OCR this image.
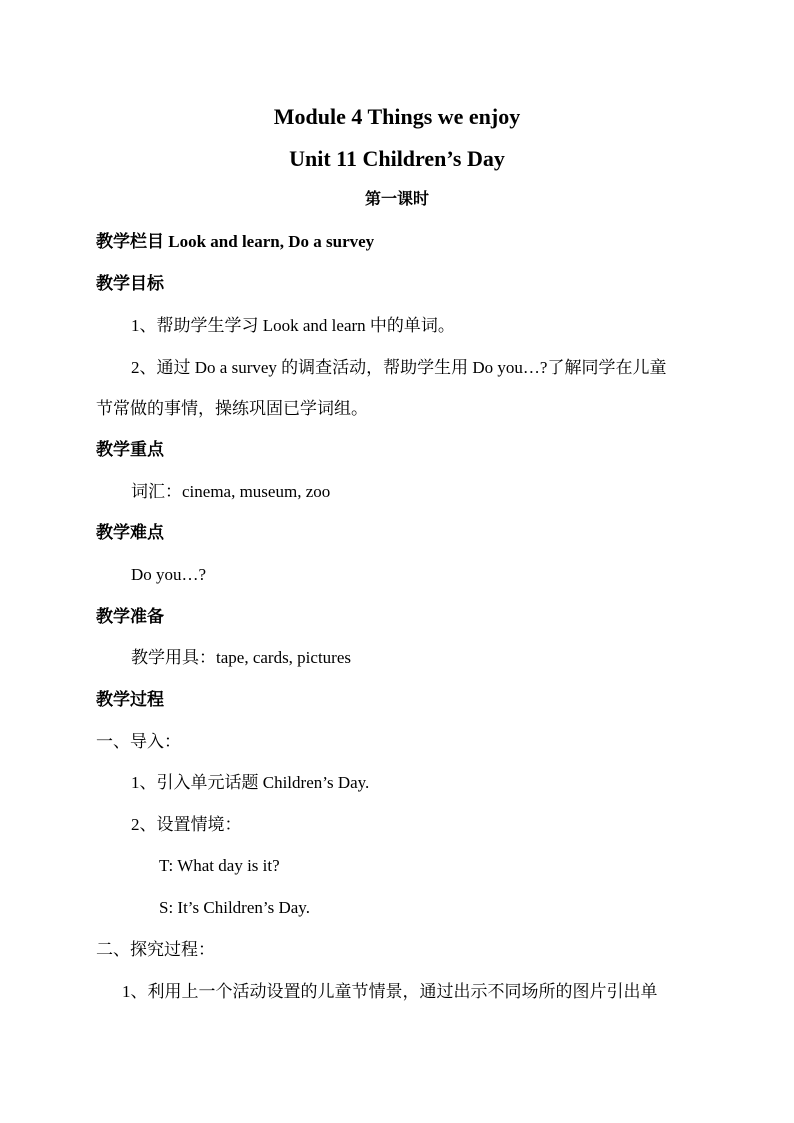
Module 4 Things we enjoy
Unit 11 Children’s Day
第一课时
教学栏目 Look and learn, Do a survey
教学目标
1、帮助学生学习 Look and learn 中的单词。
2、通过 Do a survey 的调查活动，帮助学生用 Do you…?了解同学在儿童
节常做的事情，操练巩固已学词组。
教学重点
词汇：cinema, museum, zoo
教学难点
Do you…?
教学准备
教学用具：tape, cards, pictures
教学过程
一、导入：
1、引入单元话题 Children’s Day.
2、设置情境：
T: What day is it?
S: It’s Children’s Day.
二、探究过程：
1、利用上一个活动设置的儿童节情景，通过出示不同场所的图片引出单
